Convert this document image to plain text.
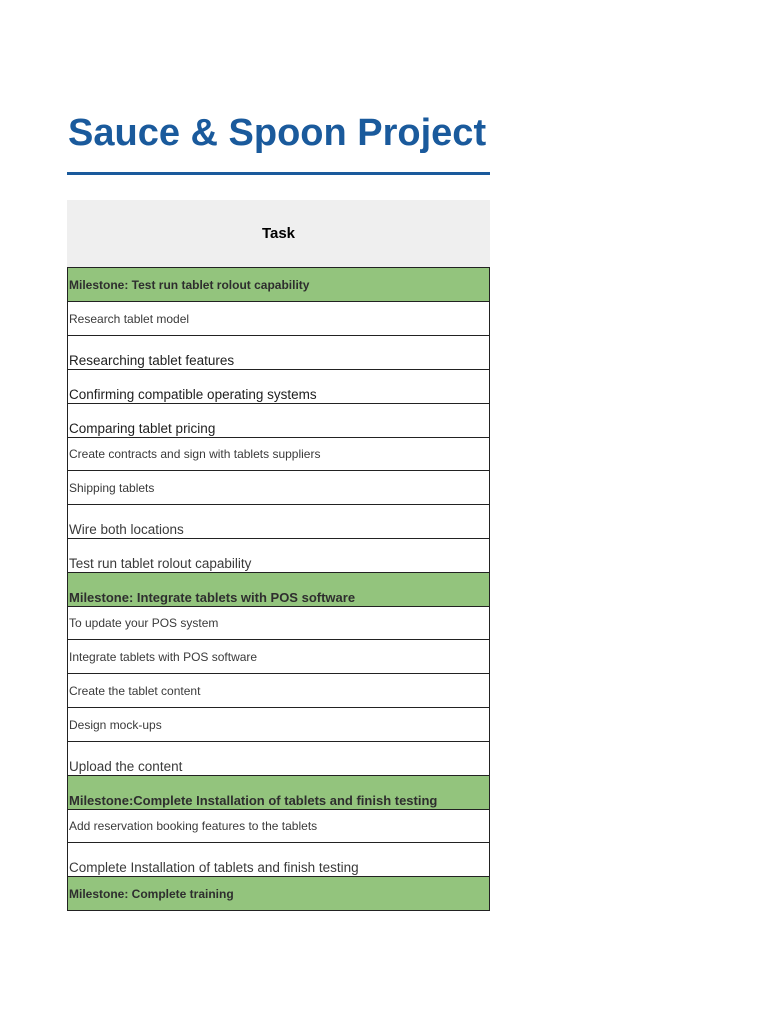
Sauce & Spoon Project
Task
Milestone: Test run tablet rolout capability
Research tablet model
Researching tablet features
Confirming compatible operating systems
Comparing tablet pricing
Create contracts and sign with tablets suppliers
Shipping tablets
Wire both locations
Test run tablet rolout capability
Milestone: Integrate tablets with POS software
To update your POS system
Integrate tablets with POS software
Create the tablet content
Design mock-ups
Upload the content
Milestone:Complete Installation of tablets and finish testing
Add reservation booking features to the tablets
Complete Installation of tablets and finish testing
Milestone: Complete training
